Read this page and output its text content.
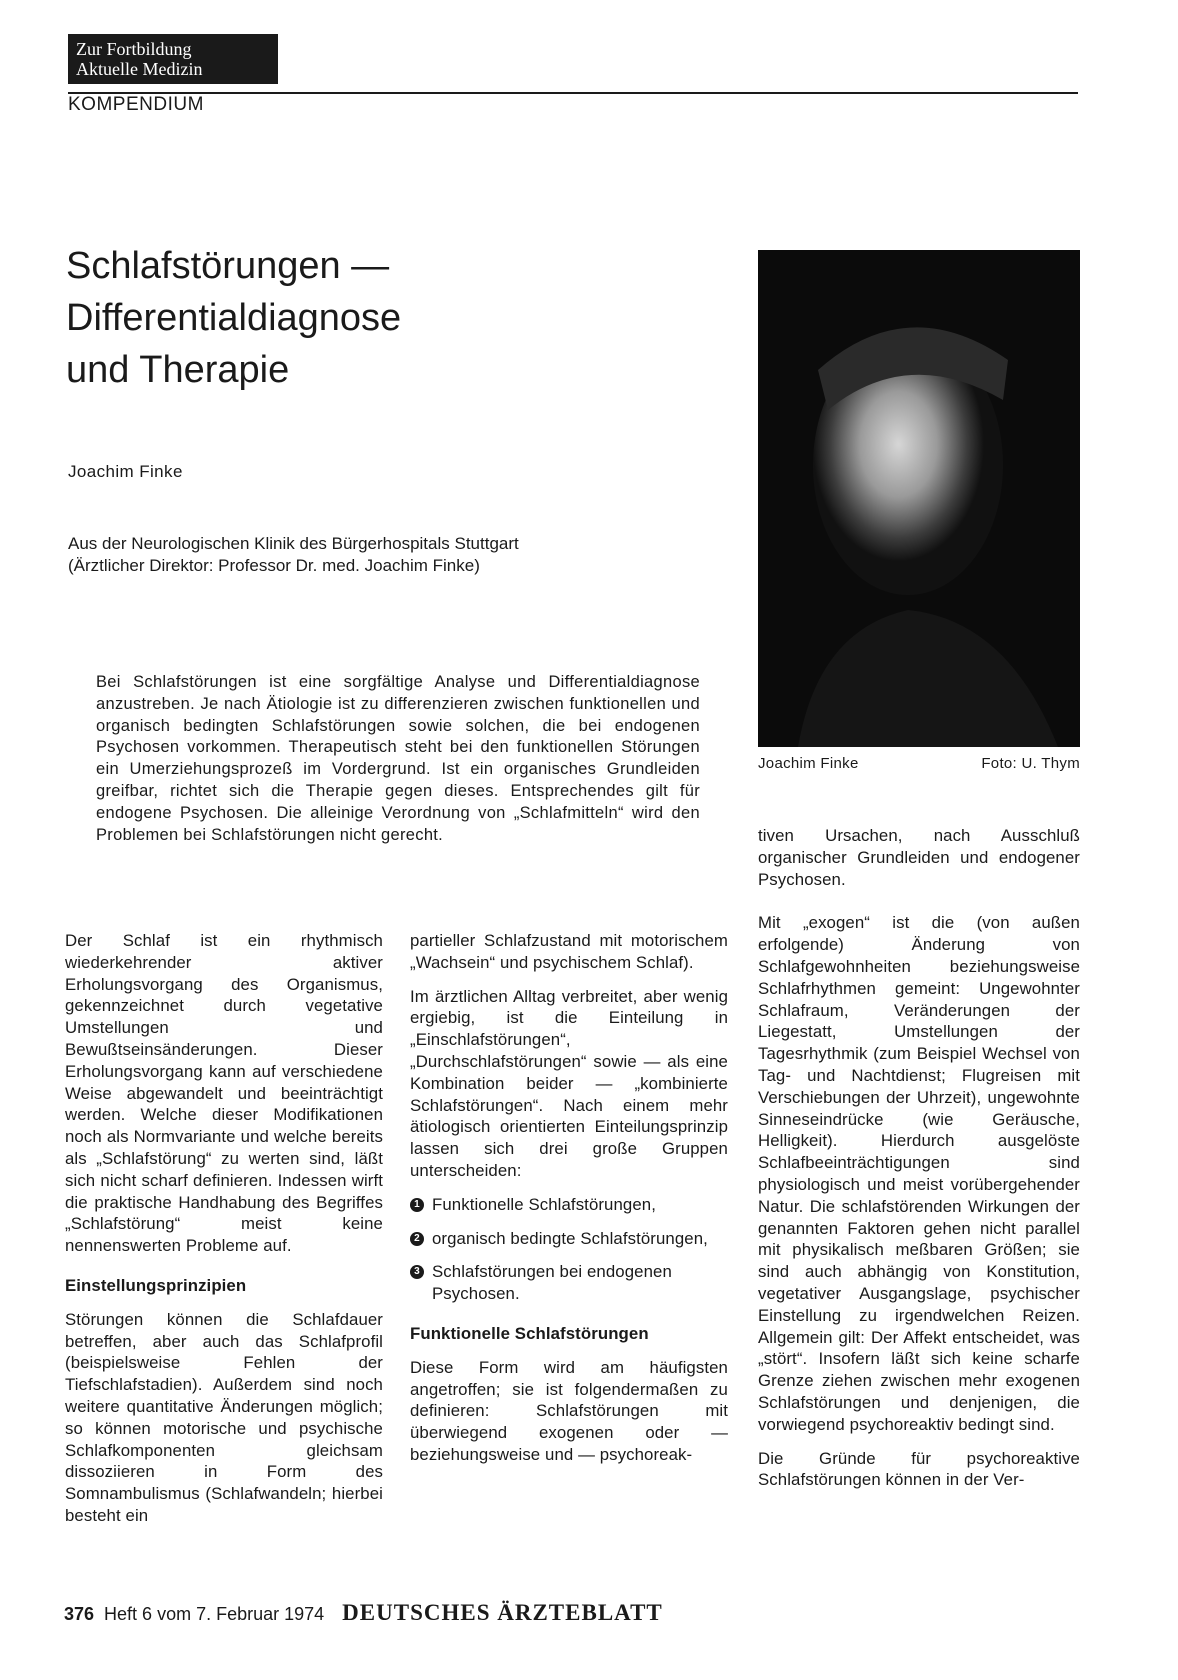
Zur Fortbildung
Aktuelle Medizin
KOMPENDIUM
Schlafstörungen —
Differentialdiagnose
und Therapie
Joachim Finke
Aus der Neurologischen Klinik des Bürgerhospitals Stuttgart
(Ärztlicher Direktor: Professor Dr. med. Joachim Finke)
Joachim Finke	Foto: U. Thym
Bei Schlafstörungen ist eine sorgfältige Analyse und Differentialdiagnose anzustreben. Je nach Ätiologie ist zu differenzieren zwischen funktionellen und organisch bedingten Schlafstörungen sowie solchen, die bei endogenen Psychosen vorkommen. Therapeutisch steht bei den funktionellen Störungen ein Umerziehungsprozeß im Vordergrund. Ist ein organisches Grundleiden greifbar, richtet sich die Therapie gegen dieses. Entsprechendes gilt für endogene Psychosen. Die alleinige Verordnung von „Schlafmitteln“ wird den Problemen bei Schlafstörungen nicht gerecht.

Der Schlaf ist ein rhythmisch wiederkehrender aktiver Erholungsvorgang des Organismus, gekennzeichnet durch vegetative Umstellungen und Bewußtseinsänderungen. Dieser Erholungsvorgang kann auf verschiedene Weise abgewandelt und beeinträchtigt werden. Welche dieser Modifikationen noch als Normvariante und welche bereits als „Schlafstörung“ zu werten sind, läßt sich nicht scharf definieren. Indessen wirft die praktische Handhabung des Begriffes „Schlafstörung“ meist keine nennenswerten Probleme auf.

Einstellungsprinzipien

Störungen können die Schlafdauer betreffen, aber auch das Schlafprofil (beispielsweise Fehlen der Tiefschlafstadien). Außerdem sind noch weitere quantitative Änderungen möglich; so können motorische und psychische Schlafkomponenten gleichsam dissoziieren in Form des Somnambulismus (Schlafwandeln; hierbei besteht ein

partieller Schlafzustand mit motorischem „Wachsein“ und psychischem Schlaf).

Im ärztlichen Alltag verbreitet, aber wenig ergiebig, ist die Einteilung in „Einschlafstörungen“, „Durchschlafstörungen“ sowie — als eine Kombination beider — „kombinierte Schlafstörungen“. Nach einem mehr ätiologisch orientierten Einteilungsprinzip lassen sich drei große Gruppen unterscheiden:

1 Funktionelle Schlafstörungen,
2 organisch bedingte Schlafstörungen,
3 Schlafstörungen bei endogenen Psychosen.
Funktionelle Schlafstörungen

Diese Form wird am häufigsten angetroffen; sie ist folgendermaßen zu definieren: Schlafstörungen mit überwiegend exogenen oder — beziehungsweise und — psychoreak-

tiven Ursachen, nach Ausschluß organischer Grundleiden und endogener Psychosen.

Mit „exogen“ ist die (von außen erfolgende) Änderung von Schlafgewohnheiten beziehungsweise Schlafrhythmen gemeint: Ungewohnter Schlafraum, Veränderungen der Liegestatt, Umstellungen der Tagesrhythmik (zum Beispiel Wechsel von Tag- und Nachtdienst; Flugreisen mit Verschiebungen der Uhrzeit), ungewohnte Sinneseindrücke (wie Geräusche, Helligkeit). Hierdurch ausgelöste Schlafbeeinträchtigungen sind physiologisch und meist vorübergehender Natur. Die schlafstörenden Wirkungen der genannten Faktoren gehen nicht parallel mit physikalisch meßbaren Größen; sie sind auch abhängig von Konstitution, vegetativer Ausgangslage, psychischer Einstellung zu irgendwelchen Reizen. Allgemein gilt: Der Affekt entscheidet, was „stört“. Insofern läßt sich keine scharfe Grenze ziehen zwischen mehr exogenen Schlafstörungen und denjenigen, die vorwiegend psychoreaktiv bedingt sind.

Die Gründe für psychoreaktive Schlafstörungen können in der Ver-

376 Heft 6 vom 7. Februar 1974 DEUTSCHES ÄRZTEBLATT
